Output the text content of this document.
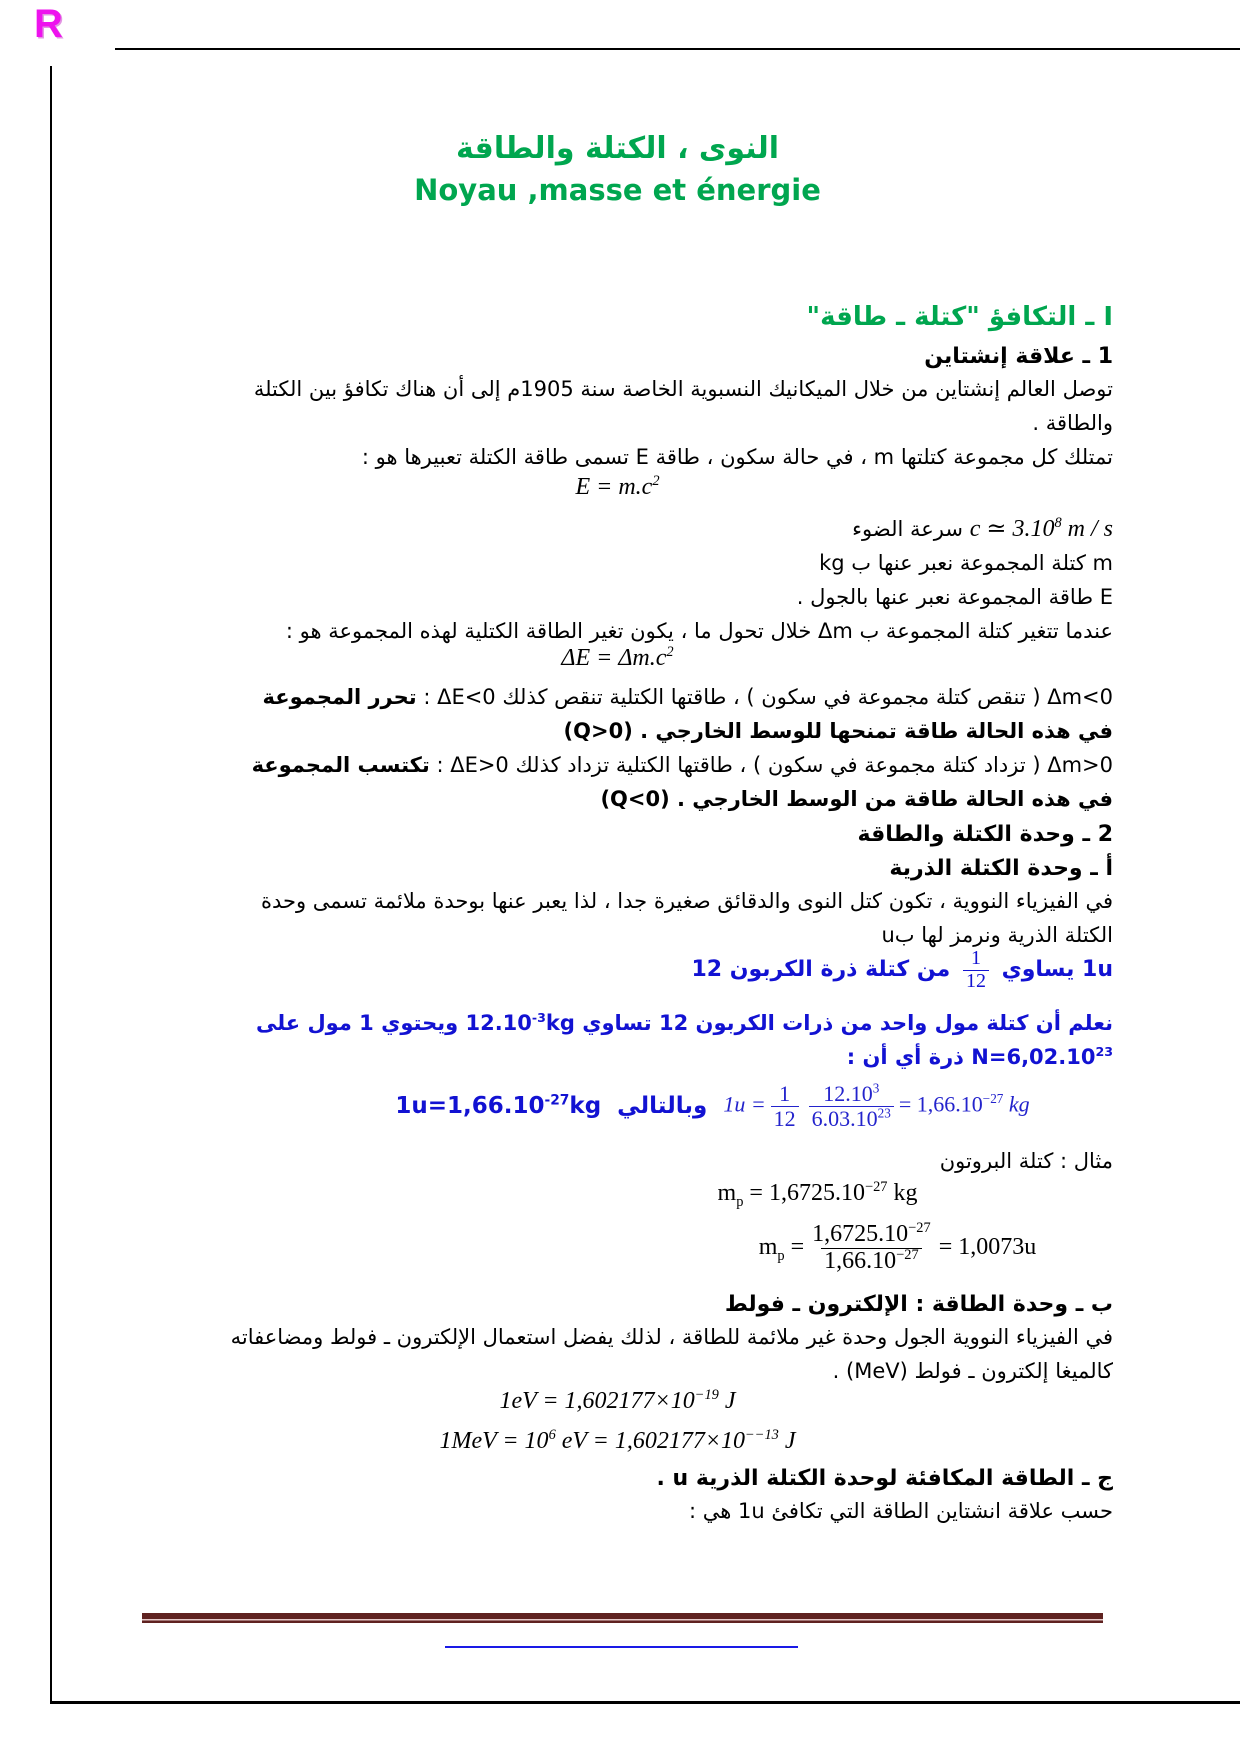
R
النوى ، الكتلة والطاقة
Noyau ,masse et énergie
I ـ التكافؤ "كتلة ـ طاقة"
1 ـ علاقة إنشتاين
توصل العالم إنشتاين من خلال الميكانيك النسبوية الخاصة سنة 1905م إلى أن هناك تكافؤ بين الكتلة
والطاقة .
تمتلك كل مجموعة كتلتها m ، في حالة سكون ، طاقة E تسمى طاقة الكتلة تعبيرها هو :
$E = m.c^2$
c ≃ 3.10$^8$ m / s سرعة الضوء
m كتلة المجموعة نعبر عنها ب kg
E طاقة المجموعة نعبر عنها بالجول .
عندما تتغير كتلة المجموعة ب Δm خلال تحول ما ، يكون تغير الطاقة الكتلية لهذه المجموعة هو :
$\Delta E = \Delta m.c^2$
Δm<0 ( تنقص كتلة مجموعة في سكون ) ، طاقتها الكتلية تنقص كذلك ΔE<0 : تحرر المجموعة
في هذه الحالة طاقة تمنحها للوسط الخارجي . (Q>0)
Δm>0 ( تزداد كتلة مجموعة في سكون ) ، طاقتها الكتلية تزداد كذلك ΔE>0 : تكتسب المجموعة
في هذه الحالة طاقة من الوسط الخارجي . (Q<0)
2 ـ وحدة الكتلة والطاقة
أ ـ وحدة الكتلة الذرية
في الفيزياء النووية ، تكون كتل النوى والدقائق صغيرة جدا ، لذا يعبر عنها بوحدة ملائمة تسمى وحدة
الكتلة الذرية ونرمز لها بu
1u يساوي
$\frac{1}{12}$
من كتلة ذرة الكربون 12
نعلم أن كتلة مول واحد من ذرات الكربون 12 تساوي $12.10^{-3}kg$ ويحتوي 1 مول على
$N=6,02.10^{23}$ ذرة أي أن :
$1u = \frac{1}{12} \frac{12.10^3}{6.03.10^{23}} = 1,66.10^{-27}$ kg
وبالتالي
$1u=1,66.10^{-27}kg$
مثال : كتلة البروتون
$m_p = 1,6725.10^{-27}$ kg
$m_p = \frac{1,6725.10^{-27}}{1,66.10^{-27}} = 1,0073u$
ب ـ وحدة الطاقة : الإلكترون ـ فولط
في الفيزياء النووية الجول وحدة غير ملائمة للطاقة ، لذلك يفضل استعمال الإلكترون ـ فولط ومضاعفاته
كالميغا إلكترون ـ فولط (MeV) .
$1eV = 1,602177\times 10^{-19}$ J
$1MeV = 10^6$ eV = $1,602177\times 10^{--13}$ J
ج ـ الطاقة المكافئة لوحدة الكتلة الذرية u .
حسب علاقة انشتاين الطاقة التي تكافئ 1u هي :
